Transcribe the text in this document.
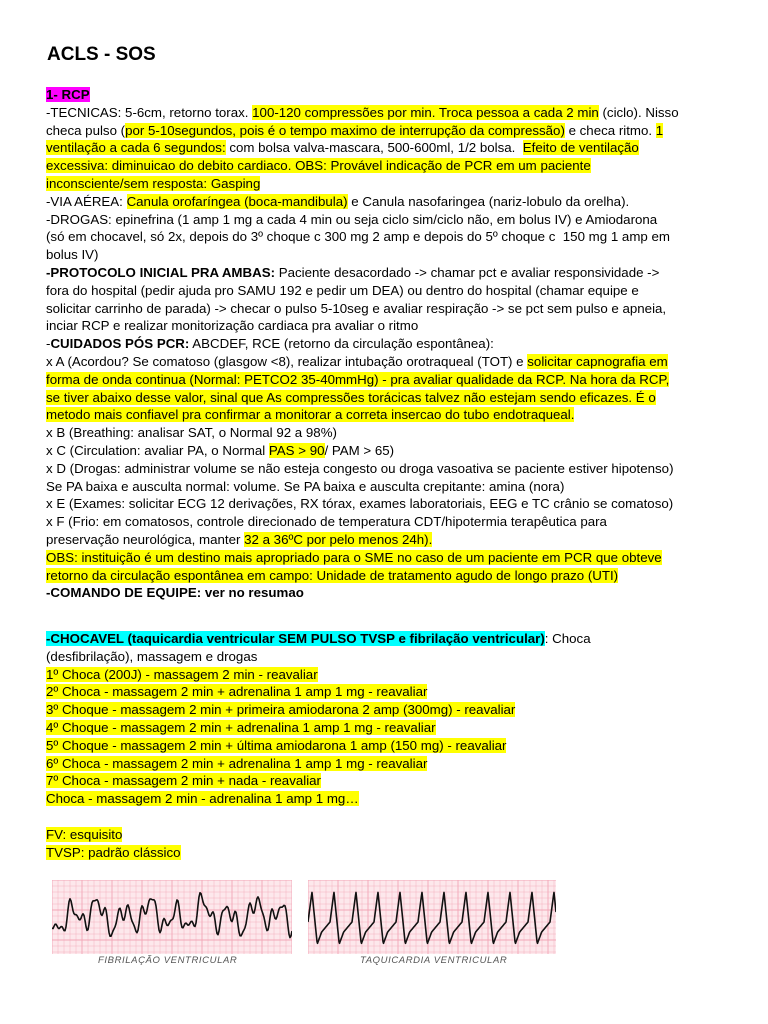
ACLS - SOS
1- RCP
-TECNICAS: 5-6cm, retorno torax. 100-120 compressões por min. Troca pessoa a cada 2 min (ciclo). Nisso
checa pulso (por 5-10segundos, pois é o tempo maximo de interrupção da compressão) e checa ritmo. 1
ventilação a cada 6 segundos: com bolsa valva-mascara, 500-600ml, 1/2 bolsa.  Efeito de ventilação
excessiva: diminuicao do debito cardiaco. OBS: Provável indicação de PCR em um paciente
inconsciente/sem resposta: Gasping
-VIA AÉREA: Canula orofaríngea (boca-mandibula) e Canula nasofaringea (nariz-lobulo da orelha).
-DROGAS: epinefrina (1 amp 1 mg a cada 4 min ou seja ciclo sim/ciclo não, em bolus IV) e Amiodarona
(só em chocavel, só 2x, depois do 3º choque c 300 mg 2 amp e depois do 5º choque c  150 mg 1 amp em
bolus IV)
-PROTOCOLO INICIAL PRA AMBAS: Paciente desacordado -> chamar pct e avaliar responsividade ->
fora do hospital (pedir ajuda pro SAMU 192 e pedir um DEA) ou dentro do hospital (chamar equipe e
solicitar carrinho de parada) -> checar o pulso 5-10seg e avaliar respiração -> se pct sem pulso e apneia,
inciar RCP e realizar monitorização cardiaca pra avaliar o ritmo
-CUIDADOS PÓS PCR: ABCDEF, RCE (retorno da circulação espontânea):
x A (Acordou? Se comatoso (glasgow <8), realizar intubação orotraqueal (TOT) e solicitar capnografia em
forma de onda continua (Normal: PETCO2 35-40mmHg) - pra avaliar qualidade da RCP. Na hora da RCP,
se tiver abaixo desse valor, sinal que As compressões torácicas talvez não estejam sendo eficazes. É o
metodo mais confiavel pra confirmar a monitorar a correta insercao do tubo endotraqueal.
x B (Breathing: analisar SAT, o Normal 92 a 98%)
x C (Circulation: avaliar PA, o Normal PAS > 90/ PAM > 65)
x D (Drogas: administrar volume se não esteja congesto ou droga vasoativa se paciente estiver hipotenso)
Se PA baixa e ausculta normal: volume. Se PA baixa e ausculta crepitante: amina (nora)
x E (Exames: solicitar ECG 12 derivações, RX tórax, exames laboratoriais, EEG e TC crânio se comatoso)
x F (Frio: em comatosos, controle direcionado de temperatura CDT/hipotermia terapêutica para
preservação neurológica, manter 32 a 36ºC por pelo menos 24h).
OBS: instituição é um destino mais apropriado para o SME no caso de um paciente em PCR que obteve
retorno da circulação espontânea em campo: Unidade de tratamento agudo de longo prazo (UTI)
-COMANDO DE EQUIPE: ver no resumao
-CHOCAVEL (taquicardia ventricular SEM PULSO TVSP e fibrilação ventricular): Choca
(desfibrilação), massagem e drogas
1º Choca (200J) - massagem 2 min - reavaliar
2º Choca - massagem 2 min + adrenalina 1 amp 1 mg - reavaliar
3º Choque - massagem 2 min + primeira amiodarona 2 amp (300mg) - reavaliar
4º Choque - massagem 2 min + adrenalina 1 amp 1 mg - reavaliar
5º Choque - massagem 2 min + última amiodarona 1 amp (150 mg) - reavaliar
6º Choca - massagem 2 min + adrenalina 1 amp 1 mg - reavaliar
7º Choca - massagem 2 min + nada - reavaliar
Choca - massagem 2 min - adrenalina 1 amp 1 mg…

FV: esquisito
TVSP: padrão clássico
FIBRILAÇÃO VENTRICULAR	TAQUICARDIA VENTRICULAR
